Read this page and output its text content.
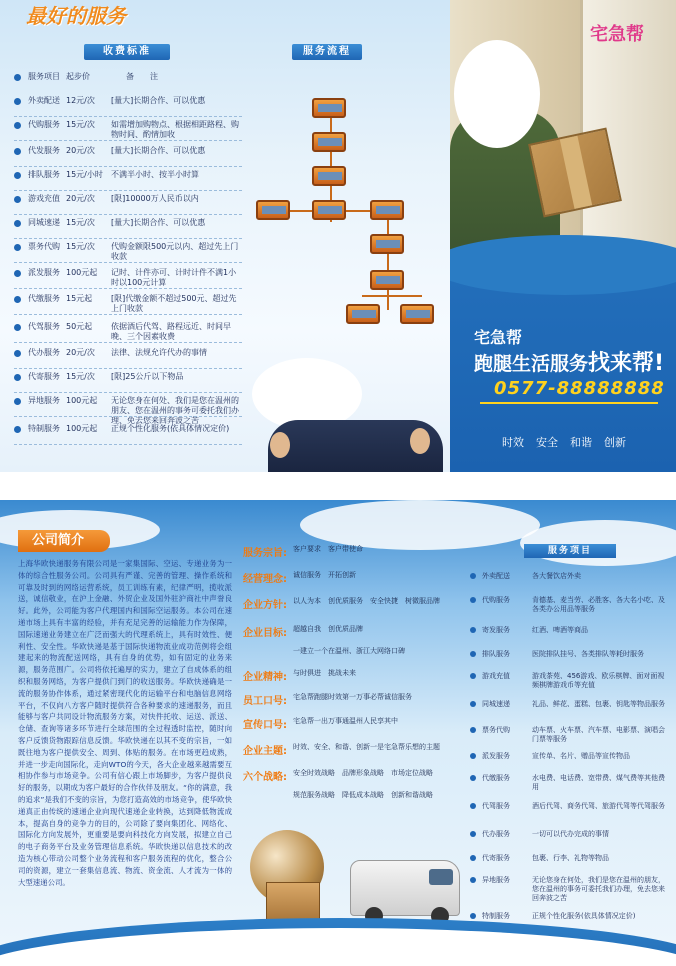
最好的服务
收费标准	服务流程
服务项目 起步价	备　　注
外卖配送 12元/次	[量大]长期合作、可以优惠
代购服务 15元/次	如需增加购物点、根据相距路程、购物时间、酌情加收
代发服务 20元/次	[量大]长期合作、可以优惠
排队服务 15元/小时	不满半小时、按半小时算
游戏充值 20元/次	[限]10000万人民币以内
同城速递 15元/次	[量大]长期合作、可以优惠
票务代购 15元/次	代购金额限500元以内、超过先上门收款
派发服务 100元起	记时、计件亦可、计时计件不满1小时以100元计算
代缴服务 15元起	[限]代缴金额不超过500元、超过先上门收款
代驾服务 50元起	依据酒后代驾、路程远近、时间早晚、三个因素收费
代办服务 20元/次	法律、法规允许代办的事情
代寄服务 15元/次	[限]25公斤以下物品
异地服务 100元起	无论您身在何处、我们是您在温州的朋友、您在温州的事务可委托我们办理、免去您来回奔波之苦
特制服务 100元起	正规个性化服务(依具体情况定价)
宅急帮
宅急帮
跑腿生活服务找来帮!
0577-88888888
时效 安全 和谐 创新
公司简介
上海华欧快递服务有限公司是一家集国际、空运、专递业务为一体的综合性服务公司。公司具有严谨、完善的管理、操作系统和可靠及时到的网络运营系统，员工训练有素，纪律严明，揽收派送，诚信敬业，在沪上金融、外贸企业及国外驻沪商社中声誉良好。此外，公司能为客户代理国内和国际空运服务。本公司在速递市场上具有丰富的经验，并有充足完善的运输能力作为保障，国际速递业务建立在广泛而强大的代理系统上，具有时效性、便利性、安全性。华欧快递是基于国际快递物流业成功范例将会组建起来的物流配送网络，具有自身的优势，如有固定的业务来源，服务范围广。公司将依托遍厚的实力，建立了自成体系的组织和服务网络，为客户提供门到门的收送服务。华欧快递确是一流的服务协作体系，通过紧密现代化的运输平台和电脑信息网络平台，不仅向八方客户随时提供符合各种要求的速递服务，而且能够与客户共同设计物流服务方案，对快件托收、运送、派送、仓储、查询等诸多环节进行全球范围的全过程透时监控，随时向客户反馈货物跟踪信息反馈。华欧快递在以其不变的宗旨，一如既往地为客户提供安全、周到、体贴的服务。在市场更趋成熟，并进一步走向国际化，走向WTO的今天，各大企业越来越需要互相协作参与市场竞争。公司有信心跟上市场脚步，为客户提供良好的服务，以期成为客户最好的合作伙伴及朋友。“你的满意，我的追求”是我们不变的宗旨，为您打造高效的市场竞争，使华欧快递真正由传统的速递企业向现代速递企业转换，达到降低物流成本，提高自身的竞争力的目的，公司除了要向集团化、网络化、国际化方向发展外，更重要是要向科技化方向发展，拟建立自己的电子商务平台及业务管理信息系统。华欧快递以信息技术的改造为核心带动公司整个业务流程和客户服务流程的优化，整合公司的资源，建立一套集信息流、物流、资金流、人才流为一体的大型速递公司。
服务宗旨: 客户要求　客户带使命
经营理念: 诚信服务　开拓创新
企业方针: 以人为本　创优质服务　安全快捷　树微服品牌
企业目标: 超越自我　创优质品牌
一建立一个在温州、浙江大网络口碑
企业精神: 与时俱进　挑战未来
员工口号: 宅急帮跑腿时效第一万事必帮诚信服务
宣传口号: 宅急帮一出万事通温州人民享其中
企业主题: 时效、安全、和谐、创新一是宅急帮乐想的主题
六个战略: 安全时效战略　品牌形象战略　市场定位战略
规范服务战略　降低成本战略　创新和谐战略
服务项目
外卖配送	各大餐饮店外卖
代购服务	肯德基、麦当劳、必胜客、各大名小吃、及各类办公用品等服务
寄发服务	红酒、啤酒等商品
排队服务	医院排队挂号、各类排队等耗时服务
游戏充值	游戏茶苑、456游戏、欧乐棋牌、面对面视频棋牌游戏币等充值
同城速递	礼品、鲜花、蛋糕、包裹、钥匙等物品服务
票务代购	动车票、火车票、汽车票、电影票、演唱会门票等服务
派发服务	宣传单、名片、赠品等宣传物品
代缴服务	水电费、电话费、宽带费、煤气费等其他费用
代驾服务	酒后代驾、商务代驾、旅游代驾等代驾服务
代办服务	一切可以代办完成的事情
代寄服务	包裹、行李、礼物等物品
异地服务	无论您身在何处，我们是您在温州的朋友，您在温州的事务可委托我们办理，免去您来回奔波之苦
特制服务	正规个性化服务(依具体情况定价)
